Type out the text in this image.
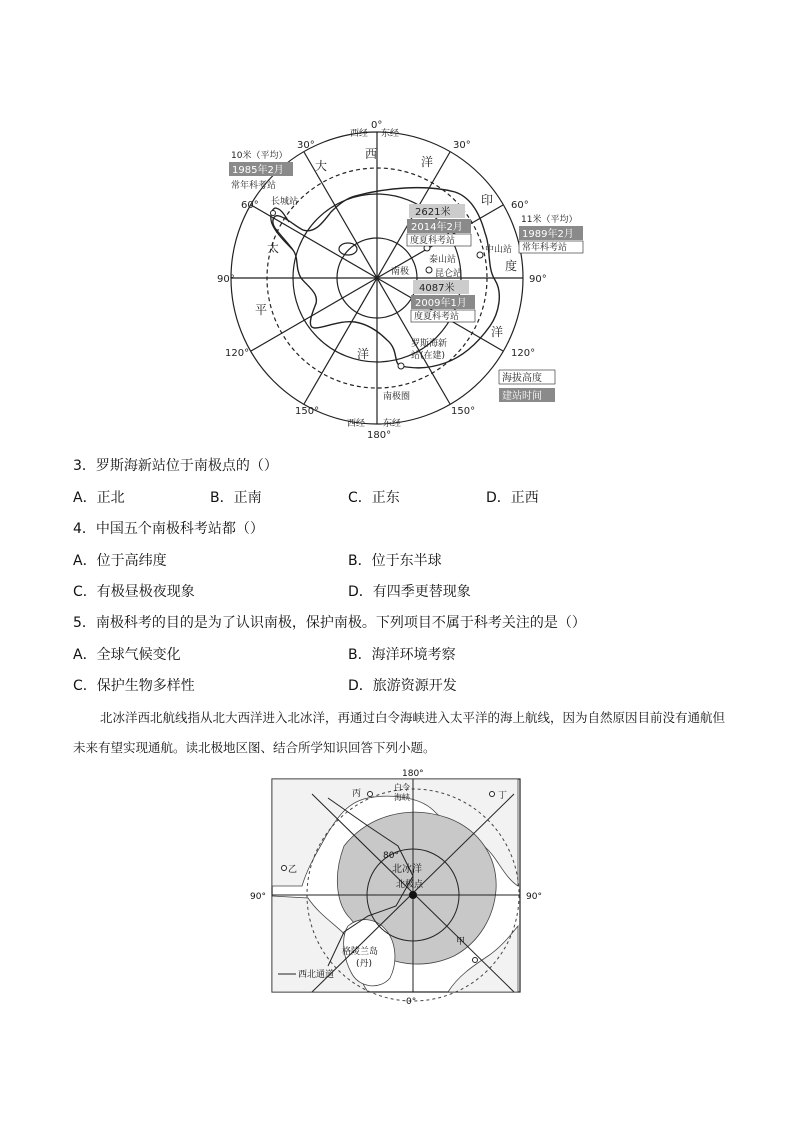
0°
西经 东经
180°
西经 东经
30°	30°
60°	60°
90°	90°
120°	120°
150°	150°
大
西
洋
印
度
洋
太
平
洋
南极
南极圈
10米（平均）
1985年2月
常年科考站
长城站
2621米
2014年2月
度夏科考站
泰山站
昆仑站
4087米
2009年1月
度夏科考站
中山站
11米（平均）
1989年2月
常年科考站
罗斯海新
站(在建)
海拔高度
建站时间
3．罗斯海新站位于南极点的（）
A．正北	B．正南	C．正东	D．正西
4．中国五个南极科考站都（）
A．位于高纬度	B．位于东半球
C．有极昼极夜现象	D．有四季更替现象
5．南极科考的目的是为了认识南极，保护南极。下列项目不属于科考关注的是（）
A．全球气候变化	B．海洋环境考察
C．保护生物多样性	D．旅游资源开发
北冰洋西北航线指从北大西洋进入北冰洋，再通过白令海峡进入太平洋的海上航线，因为自然原因目前没有通航但未来有望实现通航。读北极地区图、结合所学知识回答下列小题。
180°
0°
90°	90°
丙	丁
乙
甲
白令
海峡
80°
北冰洋
北极点
格陵兰岛
(丹)
西北通道
